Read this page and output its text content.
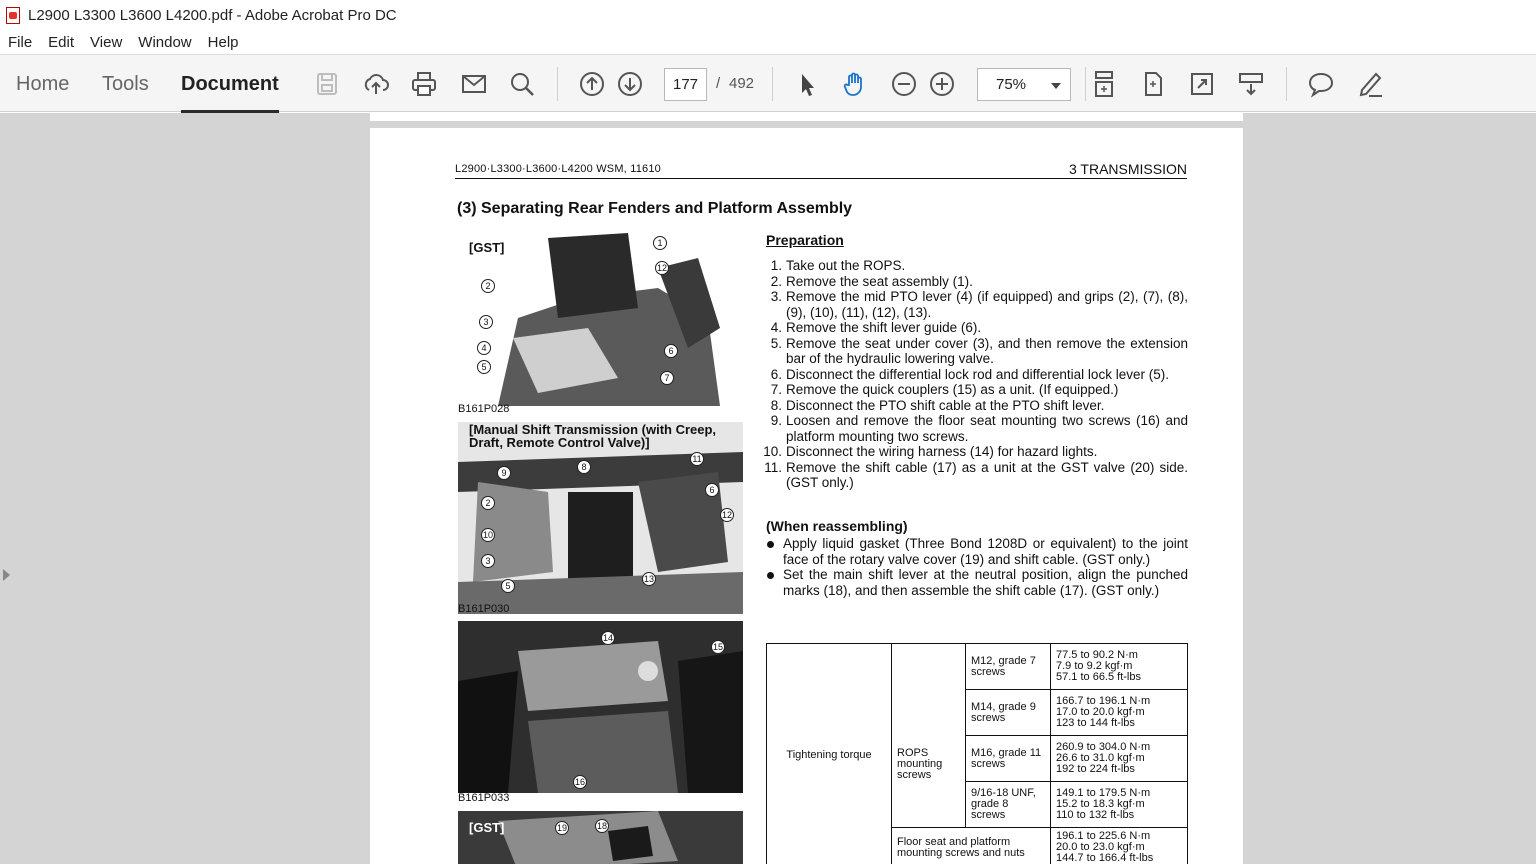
L2900 L3300 L3600 L4200.pdf - Adobe Acrobat Pro DC
File Edit View Window Help
Home Tools Document	177	/ 492	75%
L2900·L3300·L3600·L4200 WSM, 11610	3 TRANSMISSION
(3) Separating Rear Fenders and Platform Assembly
[GST]
B161P028
1
12
2
3
4
5
6
7
[Manual Shift Transmission (with Creep, Draft, Remote Control Valve)]
B161P030
8
11
9
6
2
12
10
3
13
5
B161P033
14
15
16
[GST]	19	18
Preparation
1. Take out the ROPS.
2. Remove the seat assembly (1).
3. Remove the mid PTO lever (4) (if equipped) and grips (2), (7), (8), (9), (10), (11), (12), (13).
4. Remove the shift lever guide (6).
5. Remove the seat under cover (3), and then remove the extension bar of the hydraulic lowering valve.
6. Disconnect the differential lock rod and differential lock lever (5).
7. Remove the quick couplers (15) as a unit. (If equipped.)
8. Disconnect the PTO shift cable at the PTO shift lever.
9. Loosen and remove the floor seat mounting two screws (16) and platform mounting two screws.
10. Disconnect the wiring harness (14) for hazard lights.
11. Remove the shift cable (17) as a unit at the GST valve (20) side. (GST only.)
(When reassembling)
Apply liquid gasket (Three Bond 1208D or equivalent) to the joint face of the rotary valve cover (19) and shift cable. (GST only.)
Set the main shift lever at the neutral position, align the punched marks (18), and then assemble the shift cable (17). (GST only.)
Tightening torque	ROPS mounting screws	M12, grade 7 screws	77.5 to 90.2 N·m
7.9 to 9.2 kgf·m
57.1 to 66.5 ft-lbs

		M14, grade 9 screws	166.7 to 196.1 N·m
17.0 to 20.0 kgf·m
123 to 144 ft-lbs

		M16, grade 11 screws	260.9 to 304.0 N·m
26.6 to 31.0 kgf·m
192 to 224 ft-lbs

		9/16-18 UNF, grade 8 screws	149.1 to 179.5 N·m
15.2 to 18.3 kgf·m
110 to 132 ft-lbs

	Floor seat and platform mounting screws and nuts		196.1 to 225.6 N·m
20.0 to 23.0 kgf·m
144.7 to 166.4 ft-lbs
